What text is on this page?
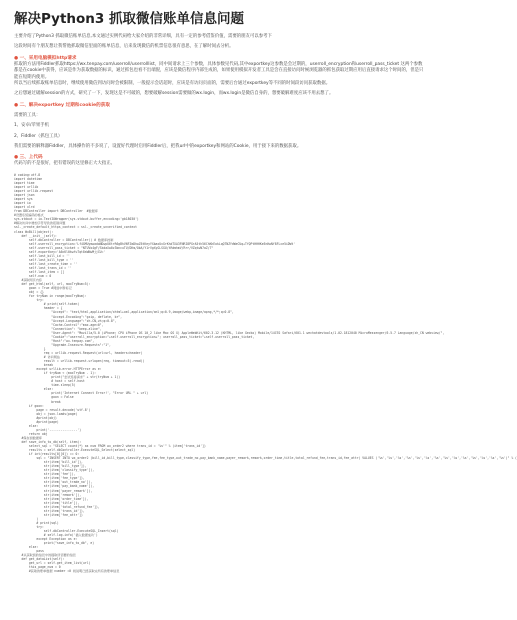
解决Python3 抓取微信账单信息问题

主要介绍了Python3 抓取微信账单信息,本文通过实例代码给大家介绍的非常详细，具有一定的参考借鉴价值，需要的朋友可以参考下

这段时间有个朋友想让我帮他抓取微信里面的账单信息，后来发现微信的机票信息很有意思，在了解时间去分析。

● 一、采用电脑模拟http请求

抓取的方法用Fiddler抓取https://wx.tenpay.com/userroll/userrolllist，同中间请求上三个参数，具体参数见代码,其中exportkey这参数是会过期的，userroll_encryption和userroll_pass_ticket 这两个参数都是在cookie中获得，应该是作为获取数据的标识，通过抓包也看不出端倪，应该是微信程序内部生成的，如果使用模拟开发者工具是会在直接访问时候浏览器的抓包获取过期应用后直接请求这个时间的，但是只能在短期内使用。

所以当后续抓取账单信息时，继续使用微信到访问时会被限制，一般提示会话超时，应该是有访问页面的，需要后台通过exportkey等不同的时间段访问获取数据。

之后想通过破解session的方式，研究了一下，发现这是不可破的，想要破解session需要做的wx.login，而wx.login是微信自身的，想要破解难度应该不用去想了。

● 二、解决exportkey 过期和cookie的获取

需要的工具：

1、安卓/苹果手机

2、Fiddler（抓包工具）

我们需要的解释器Fiddler，具体操作的不多说了，设置好代理时启用Fiddler后，把我url中的exportkey和网站的Cookie，用于接下来的数据获取。

● 三、上代码

代码写的不是很好，把有错误的这里修正大大指正。

# coding:utf-8
import datetime
import time
import urllib
import urllib.request
import json
import sys
import io
import xlrd
from DBController import DBController  #数据库
#设置系统编码的格式
sys.stdout = io.TextIOWrapper(sys.stdout.buffer,encoding='gb18030')
#解决访问中增加字符导致的报错问题
ssl._create_default_https_context = ssl._create_unverified_context
class WxBill(object):
def __init__(self):
self.dbController = DBController() # 数据库控制
self.userroll_encryption='Lf4GMUymwadoNDwpU6trR6gBhVNFZmDhwZ6tKeyYXbaxUvGrKhdTXA3FNRI8PGrA5th56ChKhEokLqQTNZYdWeCUq+TfQPtHHHKeEnHwNf8FLce5iDWt'
self.userroll_pass_ticket = "NTUVo4gF/SkdaXw0z3bncuTU/DKm/ObA/Y1rVgXyGLSGU/tRdmhmV/Rrr/VZqtwN7aZ/7"
self.exportkey='A6cKl0kwfuTqt8sWNwMjjCU='
self.last_bill_id = ''
self.last_bill_type = ''
self.last_create_time = ''
self.last_trans_id = ''
self.last_item = []
self.num = 0
#获取网页内容
def get_html(self, url, maxTryNum=5):
goon = True #网络中断标记
obj = {}
for tryNum in range(maxTryNum):
try:
# print(self.token)
header = {
"Accept": "text/html,application/xhtml+xml,application/xml;q=0.9,image/webp,image/apng,*/*;q=0.8",
"Accept-Encoding":"gzip, deflate, br",
"Accept-Language":"zh-CN,zh;q=0.8",
"Cache-Control":"max-age=0",
"Connection": "keep-alive",
"User-Agent": "Mozilla/5.0 (iPhone; CPU iPhone OS 10_2 like Mac OS X) AppleWebKit/602.3.12 (KHTML, like Gecko) Mobile/14C92 Safari/601.1 wechatdevtools/1.02.1812040 MicroMessenger/6.5.7 Language/zh_CN webview/",
"Cookie":"userroll_encryption="+self.userroll_encryption+"; userroll_pass_ticket="+self.userroll_pass_ticket,
"Host":"wx.tenpay.com",
"Upgrade-Insecure-Requests":"1",
}
req = urllib.request.Request(url=url, headers=header)
# 访问网站
result = urllib.request.urlopen(req, timeout=5).read()
break
except urllib.error.HTTPError as e:
if tryNum < (maxTryNum - 1):
print("尝试连接请求" + str(tryNum + 1))
# host = self.host
time.sleep(5)
else:
print('Internet Connect Error!', "Error URL " + url)
goon = False
break
if goon:
page = result.decode('utf-8')
obj = json.loads(page)
#print(obj)
#print(page)
else:
print('---------------')
return obj
#保存到数据库
def save_info_to_db(self, item):
select_sql = "SELECT count(*) as num FROM wx_order2 where trans_id = '%s'" % (item['trans_id'])
results = self.dbController.ExecuteSQL_Select(select_sql)
if int(results[0][0]) == 0:
sql = "INSERT INTO wx_order2 (bill_id,bill_type,classify_type,fee,fee_type,out_trade_no,pay_bank_name,payer_remark,remark,order_time,title,total_refund_fee,trans_id,fee_attr) VALUES ('%s','%s','%s','%s','%s','%s','%s','%s','%s','%s','%s','%s','%s','%s')" % (
str(item['bill_id']),
str(item['bill_type']),
str(item['classify_type']),
str(item['fee']),
str(item['fee_type']),
str(item['out_trade_no']),
str(item['pay_bank_name']),
str(item['payer_remark']),
str(item['remark']),
str(item['order_time']),
str(item['title']),
str(item['total_refund_fee']),
str(item['trans_id']),
str(item['fee_attr'])
)
# print(sql)
try:
self.dbController.ExecuteSQL_Insert(sql)
# self.log.info('插入数据成功')
except Exception as e:
print("save_info_to_db", e)
else:
pass
#从获取到的信息中的提取所需要的信息
def get_dataList(self):
get_url = self.get_item_list(url)
this_page_num = 0
#获取的账单数据 number =0 则说明已经获取完所有的账单信息
